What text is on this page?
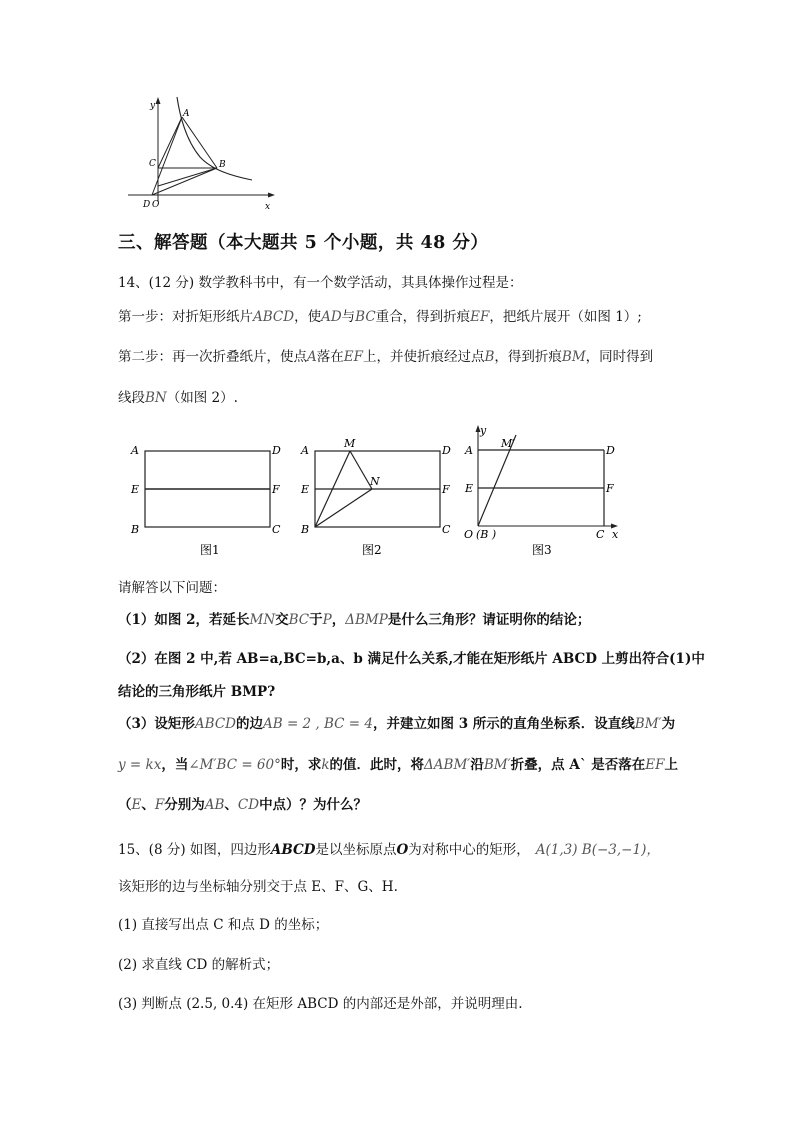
y
x
A
B
C
D O
三、解答题（本大题共 5 个小题，共 48 分）
14、(12 分) 数学教科书中，有一个数学活动，其具体操作过程是：
第一步：对折矩形纸片ABCD，使AD与BC重合，得到折痕EF，把纸片展开（如图 1）;
第二步：再一次折叠纸片，使点A落在EF上，并使折痕经过点B，得到折痕BM，同时得到
线段BN（如图 2）.
A	D
E	F
B	C
图1
A	D
E	F
B	C
M
N
图2
y
x
M′
A	D
E	F
O (B )	C
图3
请解答以下问题：
（1）如图 2，若延长MN交BC于P，ΔBMP是什么三角形？请证明你的结论；
（2）在图 2 中,若 AB=a,BC=b,a、b 满足什么关系,才能在矩形纸片 ABCD 上剪出符合(1)中
结论的三角形纸片 BMP?
（3）设矩形ABCD的边AB = 2 , BC = 4，并建立如图 3 所示的直角坐标系．设直线BM′为
y = kx，当∠M′BC = 60°时，求k的值．此时，将ΔABM′沿BM′折叠，点 A` 是否落在EF上
（E、F分别为AB、CD中点）？为什么？
15、(8 分) 如图，四边形ABCD是以坐标原点O为对称中心的矩形， A(1,3) B(−3,−1)，
该矩形的边与坐标轴分别交于点 E、F、G、H.
(1) 直接写出点 C 和点 D 的坐标；
(2) 求直线 CD 的解析式；
(3) 判断点 (2.5, 0.4) 在矩形 ABCD 的内部还是外部，并说明理由.
